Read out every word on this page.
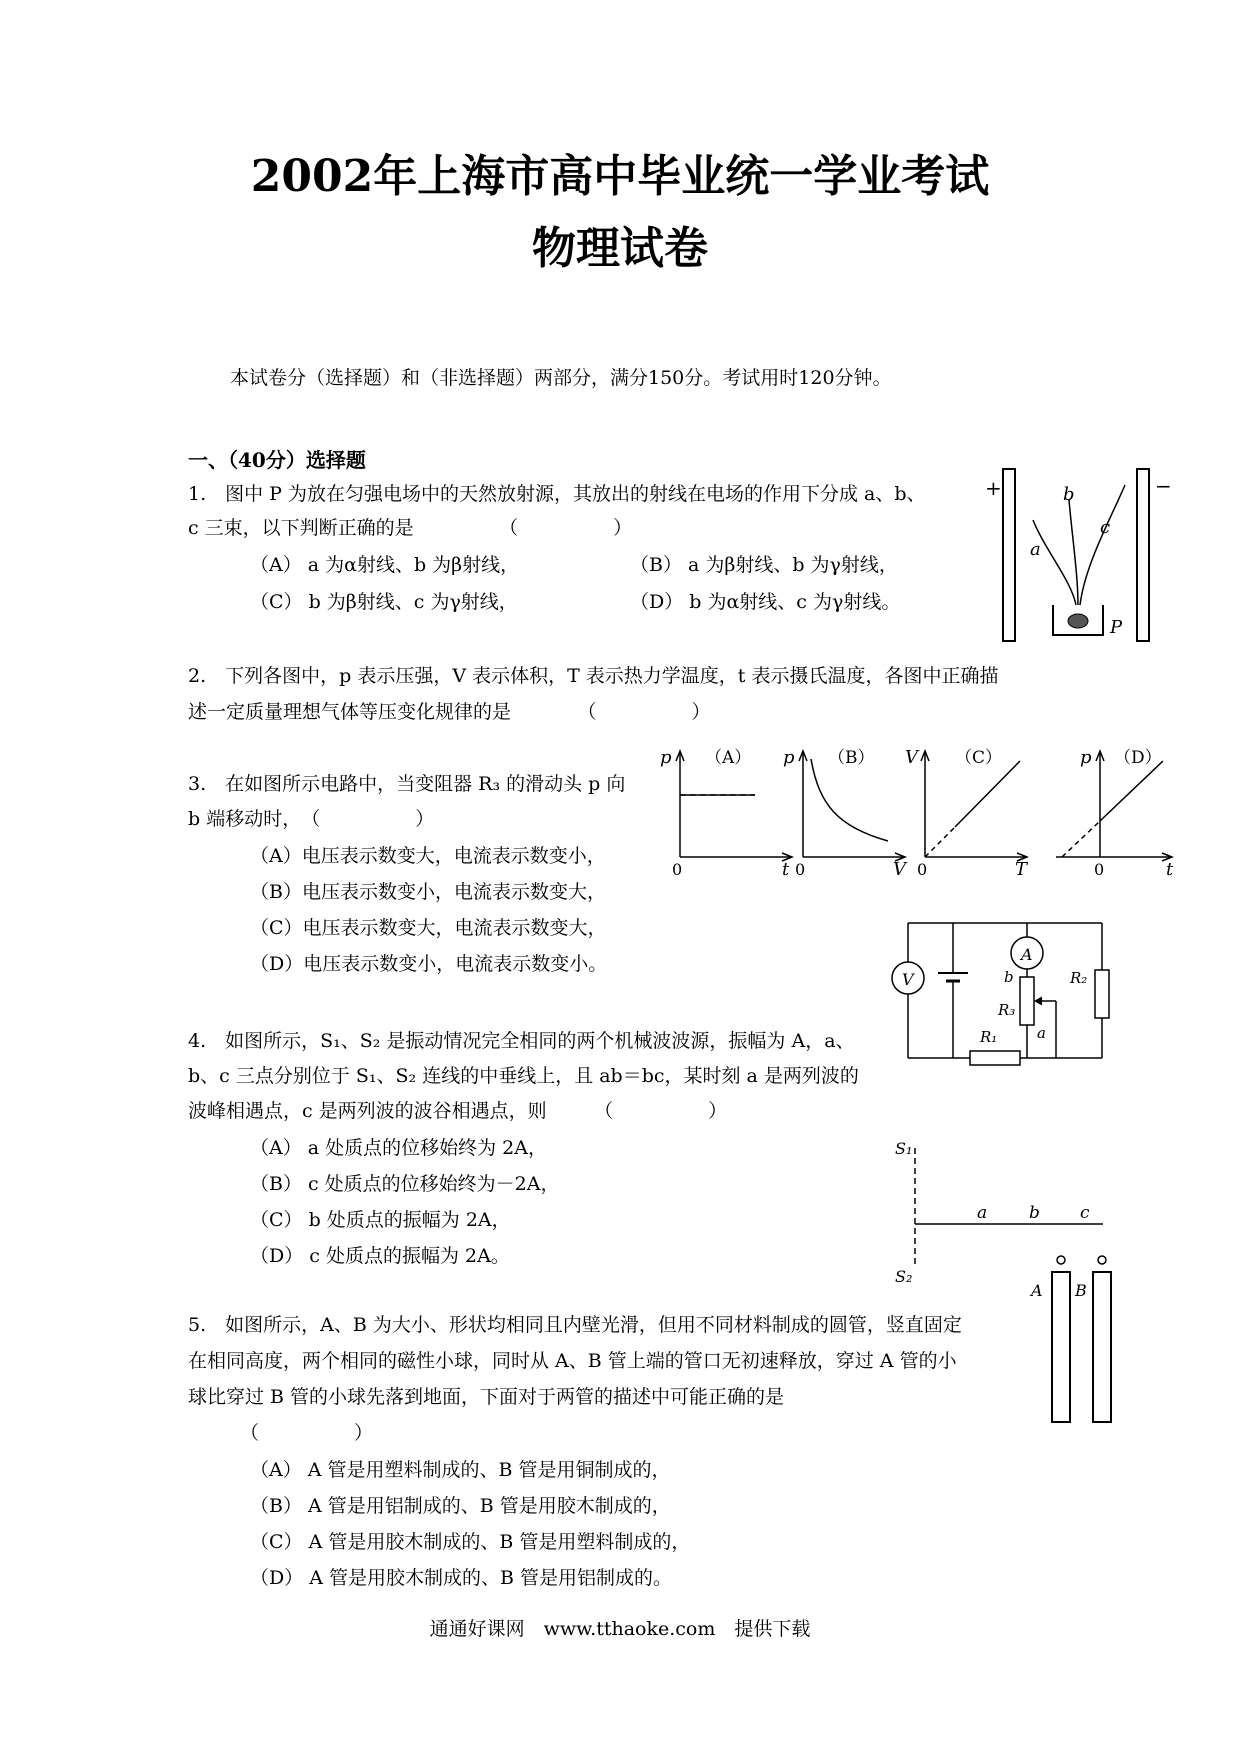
2002年上海市高中毕业统一学业考试
物理试卷
本试卷分（选择题）和（非选择题）两部分，满分150分。考试用时120分钟。
一、（40分）选择题
1.　图中 P 为放在匀强电场中的天然放射源，其放出的射线在电场的作用下分成 a、b、
c 三束，以下判断正确的是　　　　　（　　　　　）
（A） a 为α射线、b 为β射线，	（B） a 为β射线、b 为γ射线，
（C） b 为β射线、c 为γ射线，	（D） b 为α射线、c 为γ射线。
+	−
a
b
c
P
2.　下列各图中，p 表示压强，V 表示体积，T 表示热力学温度，t 表示摄氏温度，各图中正确描
述一定质量理想气体等压变化规律的是　　　　（　　　　　）
p （A）
0	t
p （B）
0	V
V （C）
0	T
p （D）
0	t
3.　在如图所示电路中，当变阻器 R₃ 的滑动头 p 向
b 端移动时，　（　　　　　）
（A）电压表示数变大，电流表示数变小，
（B）电压表示数变小，电流表示数变大，
（C）电压表示数变大，电流表示数变大，
（D）电压表示数变小，电流表示数变小。
V
A
b
a
R₃
R₁
R₂
4.　如图所示，S₁、S₂ 是振动情况完全相同的两个机械波波源，振幅为 A，a、
b、c 三点分别位于 S₁、S₂ 连线的中垂线上，且 ab＝bc，某时刻 a 是两列波的
波峰相遇点，c 是两列波的波谷相遇点，则　　　（　　　　　）
（A） a 处质点的位移始终为 2A，
（B） c 处质点的位移始终为－2A，
（C） b 处质点的振幅为 2A，
（D） c 处质点的振幅为 2A。
S₁
S₂
a b c
5.　如图所示，A、B 为大小、形状均相同且内壁光滑，但用不同材料制成的圆管，竖直固定
在相同高度，两个相同的磁性小球，同时从 A、B 管上端的管口无初速释放，穿过 A 管的小
球比穿过 B 管的小球先落到地面，下面对于两管的描述中可能正确的是
（　　　　　）
（A） A 管是用塑料制成的、B 管是用铜制成的，
（B） A 管是用铝制成的、B 管是用胶木制成的，
（C） A 管是用胶木制成的、B 管是用塑料制成的，
（D） A 管是用胶木制成的、B 管是用铝制成的。
A B
通通好课网　www.tthaoke.com　提供下载
